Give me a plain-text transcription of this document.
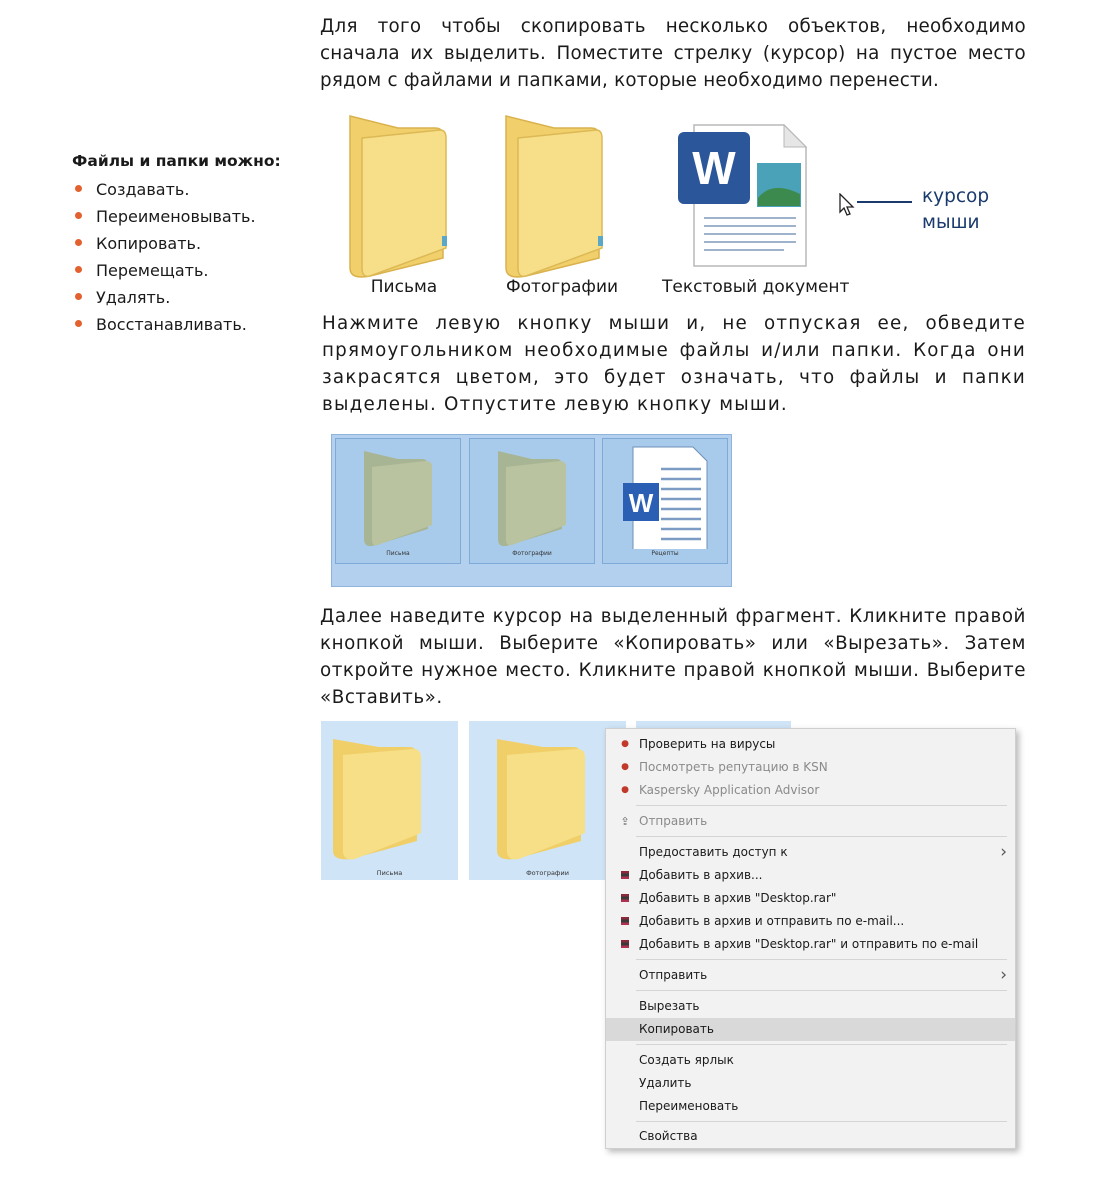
Файлы и папки можно:
Создавать.
Переименовывать.
Копировать.
Перемещать.
Удалять.
Восстанавливать.
Для того чтобы скопировать несколько объектов, необходимо сначала их выделить. Поместите стрелку (курсор) на пустое место рядом с файлами и папками, которые необходимо перенести.
Письма	Фотографии
W
Текстовый документ
курсор
мыши
Нажмите левую кнопку мыши и, не отпуская ее, обведите прямоугольником необходимые файлы и/или папки. Когда они закрасятся цветом, это будет означать, что файлы и папки выделены. Отпустите левую кнопку мыши.
Письма	Фотографии
W
Рецепты
Далее наведите курсор на выделенный фрагмент. Кликните правой кнопкой мыши. Выберите «Копировать» или «Вырезать». Затем откройте нужное место. Кликните правой кнопкой мыши. Выберите «Вставить».
Письма	Фотографии
● Проверить на вирусы
● Посмотреть репутацию в KSN
● Kaspersky Application Advisor
⇪ Отправить
Предоставить доступ к	›
Добавить в архив...
Добавить в архив "Desktop.rar"
Добавить в архив и отправить по e-mail...
Добавить в архив "Desktop.rar" и отправить по e-mail
Отправить	›
Вырезать
Копировать
Создать ярлык
Удалить
Переименовать
Свойства
